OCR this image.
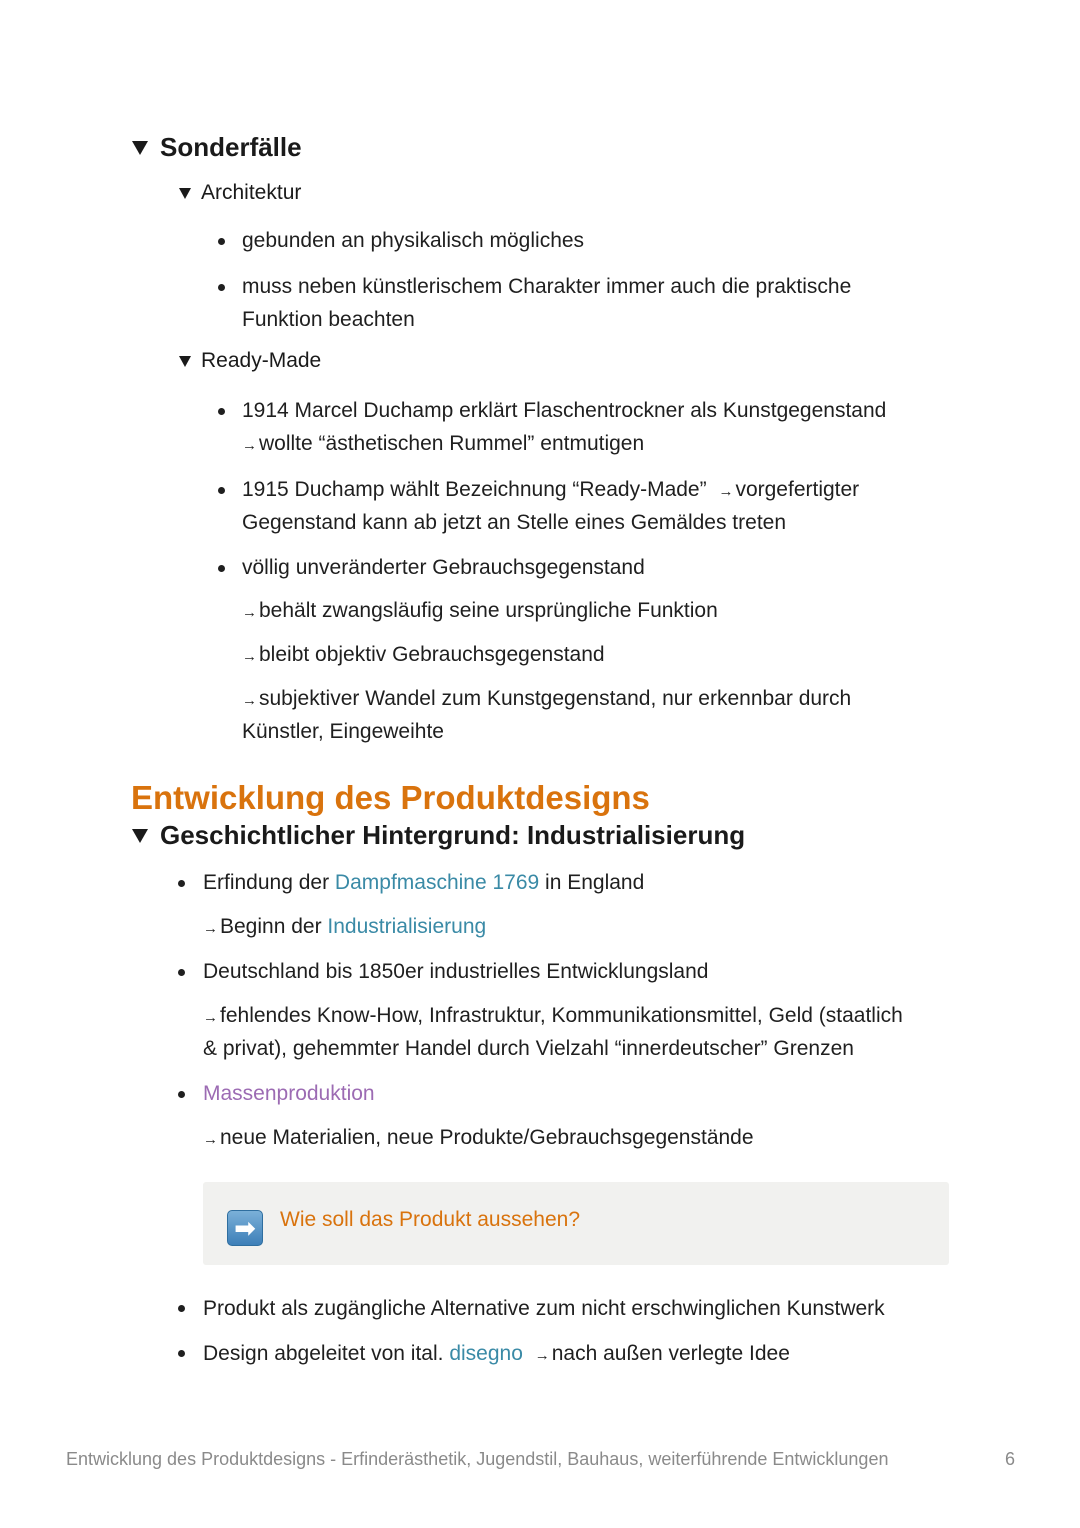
Sonderfälle
Architektur
gebunden an physikalisch mögliches
muss neben künstlerischem Charakter immer auch die praktische
Funktion beachten
Ready-Made
1914 Marcel Duchamp erklärt Flaschentrockner als Kunstgegenstand
→wollte “ästhetischen Rummel” entmutigen
1915 Duchamp wählt Bezeichnung “Ready-Made” →vorgefertigter
Gegenstand kann ab jetzt an Stelle eines Gemäldes treten
völlig unveränderter Gebrauchsgegenstand
→behält zwangsläufig seine ursprüngliche Funktion
→bleibt objektiv Gebrauchsgegenstand
→subjektiver Wandel zum Kunstgegenstand, nur erkennbar durch
Künstler, Eingeweihte
Entwicklung des Produktdesigns
Geschichtlicher Hintergrund: Industrialisierung
Erfindung der Dampfmaschine 1769 in England
→Beginn der Industrialisierung
Deutschland bis 1850er industrielles Entwicklungsland
→fehlendes Know-How, Infrastruktur, Kommunikationsmittel, Geld (staatlich
& privat), gehemmter Handel durch Vielzahl “innerdeutscher” Grenzen
Massenproduktion
→neue Materialien, neue Produkte/Gebrauchsgegenstände
➡	Wie soll das Produkt aussehen?
Produkt als zugängliche Alternative zum nicht erschwinglichen Kunstwerk
Design abgeleitet von ital. disegno →nach außen verlegte Idee
Entwicklung des Produktdesigns - Erfinderästhetik, Jugendstil, Bauhaus, weiterführende Entwicklungen	6
